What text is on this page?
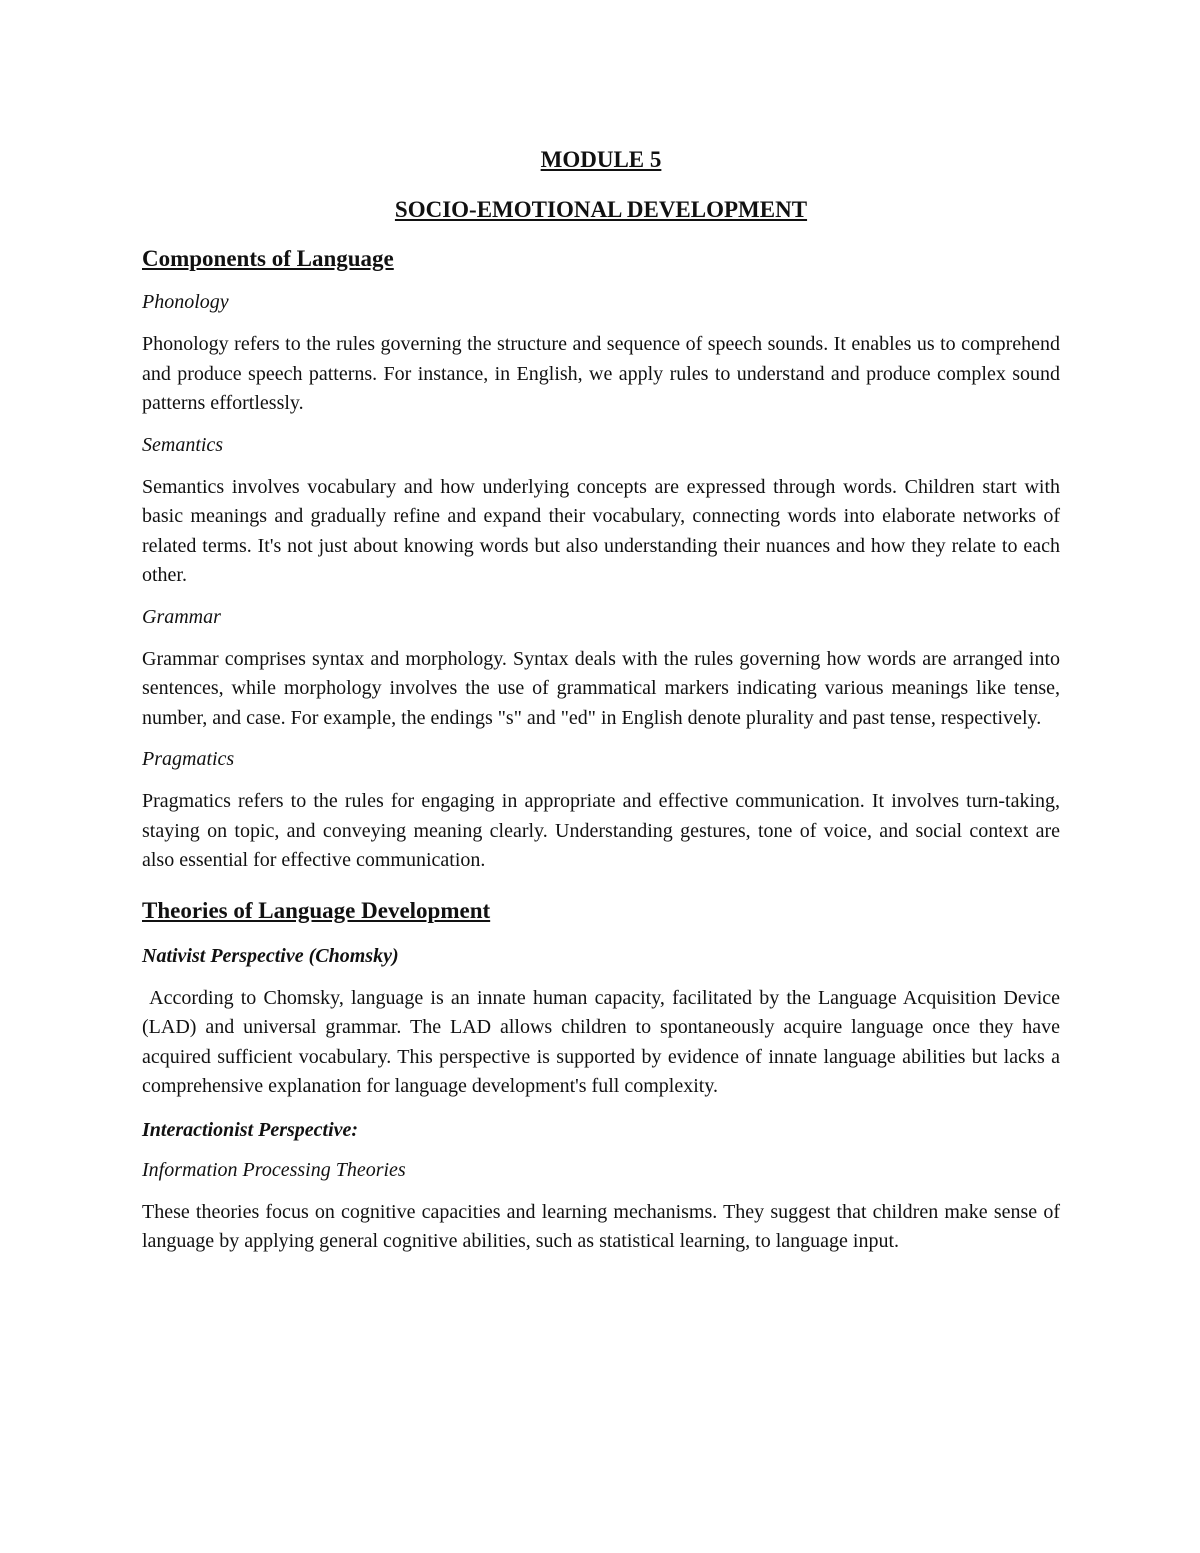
MODULE 5

SOCIO-EMOTIONAL DEVELOPMENT

Components of Language

Phonology

Phonology refers to the rules governing the structure and sequence of speech sounds. It enables us to comprehend and produce speech patterns. For instance, in English, we apply rules to understand and produce complex sound patterns effortlessly.

Semantics

Semantics involves vocabulary and how underlying concepts are expressed through words. Children start with basic meanings and gradually refine and expand their vocabulary, connecting words into elaborate networks of related terms. It's not just about knowing words but also understanding their nuances and how they relate to each other.

Grammar

Grammar comprises syntax and morphology. Syntax deals with the rules governing how words are arranged into sentences, while morphology involves the use of grammatical markers indicating various meanings like tense, number, and case. For example, the endings "s" and "ed" in English denote plurality and past tense, respectively.

Pragmatics

Pragmatics refers to the rules for engaging in appropriate and effective communication. It involves turn-taking, staying on topic, and conveying meaning clearly. Understanding gestures, tone of voice, and social context are also essential for effective communication.

Theories of Language Development

Nativist Perspective (Chomsky)

According to Chomsky, language is an innate human capacity, facilitated by the Language Acquisition Device (LAD) and universal grammar. The LAD allows children to spontaneously acquire language once they have acquired sufficient vocabulary. This perspective is supported by evidence of innate language abilities but lacks a comprehensive explanation for language development's full complexity.

Interactionist Perspective:

Information Processing Theories

These theories focus on cognitive capacities and learning mechanisms. They suggest that children make sense of language by applying general cognitive abilities, such as statistical learning, to language input.
